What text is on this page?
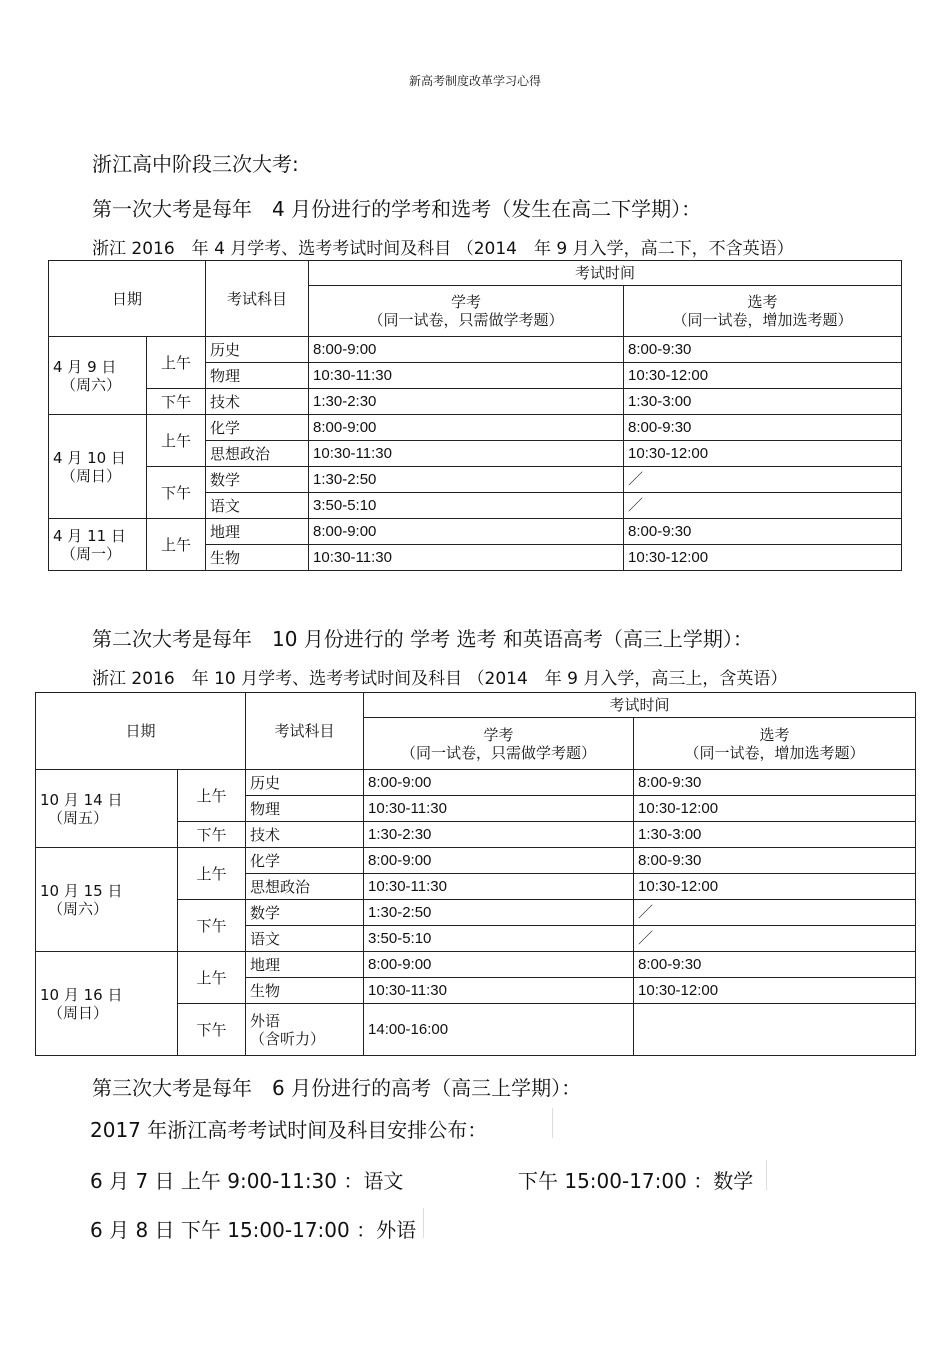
新高考制度改革学习心得
浙江高中阶段三次大考:
第一次大考是每年　4 月份进行的学考和选考（发生在高二下学期）：
浙江 2016　年 4 月学考、选考考试时间及科目 （2014　年 9 月入学，高二下，不含英语）
日期		考试科目	考试时间	

			学考
（同一试卷，只需做学考题）	选考
（同一试卷，增加选考题）

4 月 9 日
（周六）	上午	历史	8:00-9:00	8:00-9:30
		物理	10:30-11:30	10:30-12:00
	下午	技术	1:30-2:30	1:30-3:00

4 月 10 日
（周日）	上午	化学	8:00-9:00	8:00-9:30
		思想政治	10:30-11:30	10:30-12:00
	下午	数学	1:30-2:50	／
		语文	3:50-5:10	／

4 月 11 日
（周一）	上午	地理	8:00-9:00	8:00-9:30
		生物	10:30-11:30	10:30-12:00
第二次大考是每年　10 月份进行的 学考 选考 和英语高考（高三上学期）：
浙江 2016　年 10 月学考、选考考试时间及科目 （2014　年 9 月入学，高三上，含英语）
日期		考试科目	考试时间	

			学考
（同一试卷，只需做学考题）	选考
（同一试卷，增加选考题）

10 月 14 日
（周五）	上午	历史	8:00-9:00	8:00-9:30
		物理	10:30-11:30	10:30-12:00
	下午	技术	1:30-2:30	1:30-3:00

10 月 15 日
（周六）	上午	化学	8:00-9:00	8:00-9:30
		思想政治	10:30-11:30	10:30-12:00
	下午	数学	1:30-2:50	／
		语文	3:50-5:10	／

10 月 16 日
（周日）	上午	地理	8:00-9:00	8:00-9:30
		生物	10:30-11:30	10:30-12:00
	下午	外语
（含听力）	14:00-16:00	
第三次大考是每年　6 月份进行的高考（高三上学期）：
2017 年浙江高考考试时间及科目安排公布：
6 月 7 日 上午 9:00-11:30 ：语文	下午 15:00-17:00 ：数学
6 月 8 日 下午 15:00-17:00 ：外语
